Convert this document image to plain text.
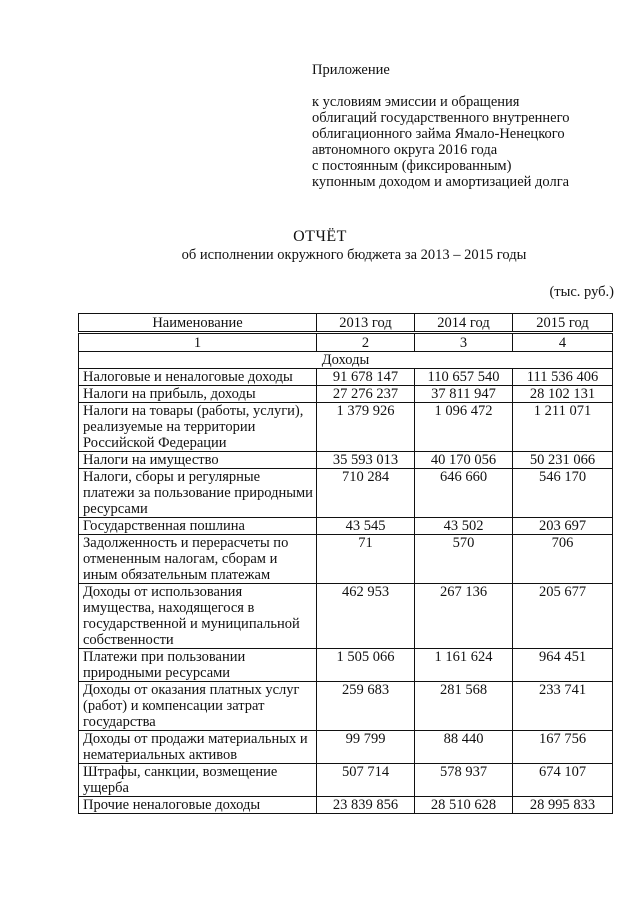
Приложение
к условиям эмиссии и обращения
облигаций государственного внутреннего
облигационного займа Ямало-Ненецкого
автономного округа 2016 года
с постоянным (фиксированным)
купонным доходом и амортизацией долга
ОТЧЁТ
об исполнении окружного бюджета за 2013 – 2015 годы
(тыс. руб.)
Наименование	2013 год	2014 год	2015 год
1	2	3	4
Доходы			
Налоговые и неналоговые доходы	91 678 147	110 657 540	111 536 406
Налоги на прибыль, доходы	27 276 237	37 811 947	28 102 131
Налоги на товары (работы, услуги), реализуемые на территории Российской Федерации	1 379 926	1 096 472	1 211 071
Налоги на имущество	35 593 013	40 170 056	50 231 066
Налоги, сборы и регулярные платежи за пользование природными ресурсами	710 284	646 660	546 170
Государственная пошлина	43 545	43 502	203 697
Задолженность и перерасчеты по отмененным налогам, сборам и иным обязательным платежам	71	570	706
Доходы от использования имущества, находящегося в государственной и муниципальной собственности	462 953	267 136	205 677
Платежи при пользовании природными ресурсами	1 505 066	1 161 624	964 451
Доходы от оказания платных услуг (работ) и компенсации затрат государства	259 683	281 568	233 741
Доходы от продажи материальных и нематериальных активов	99 799	88 440	167 756
Штрафы, санкции, возмещение ущерба	507 714	578 937	674 107
Прочие неналоговые доходы	23 839 856	28 510 628	28 995 833
